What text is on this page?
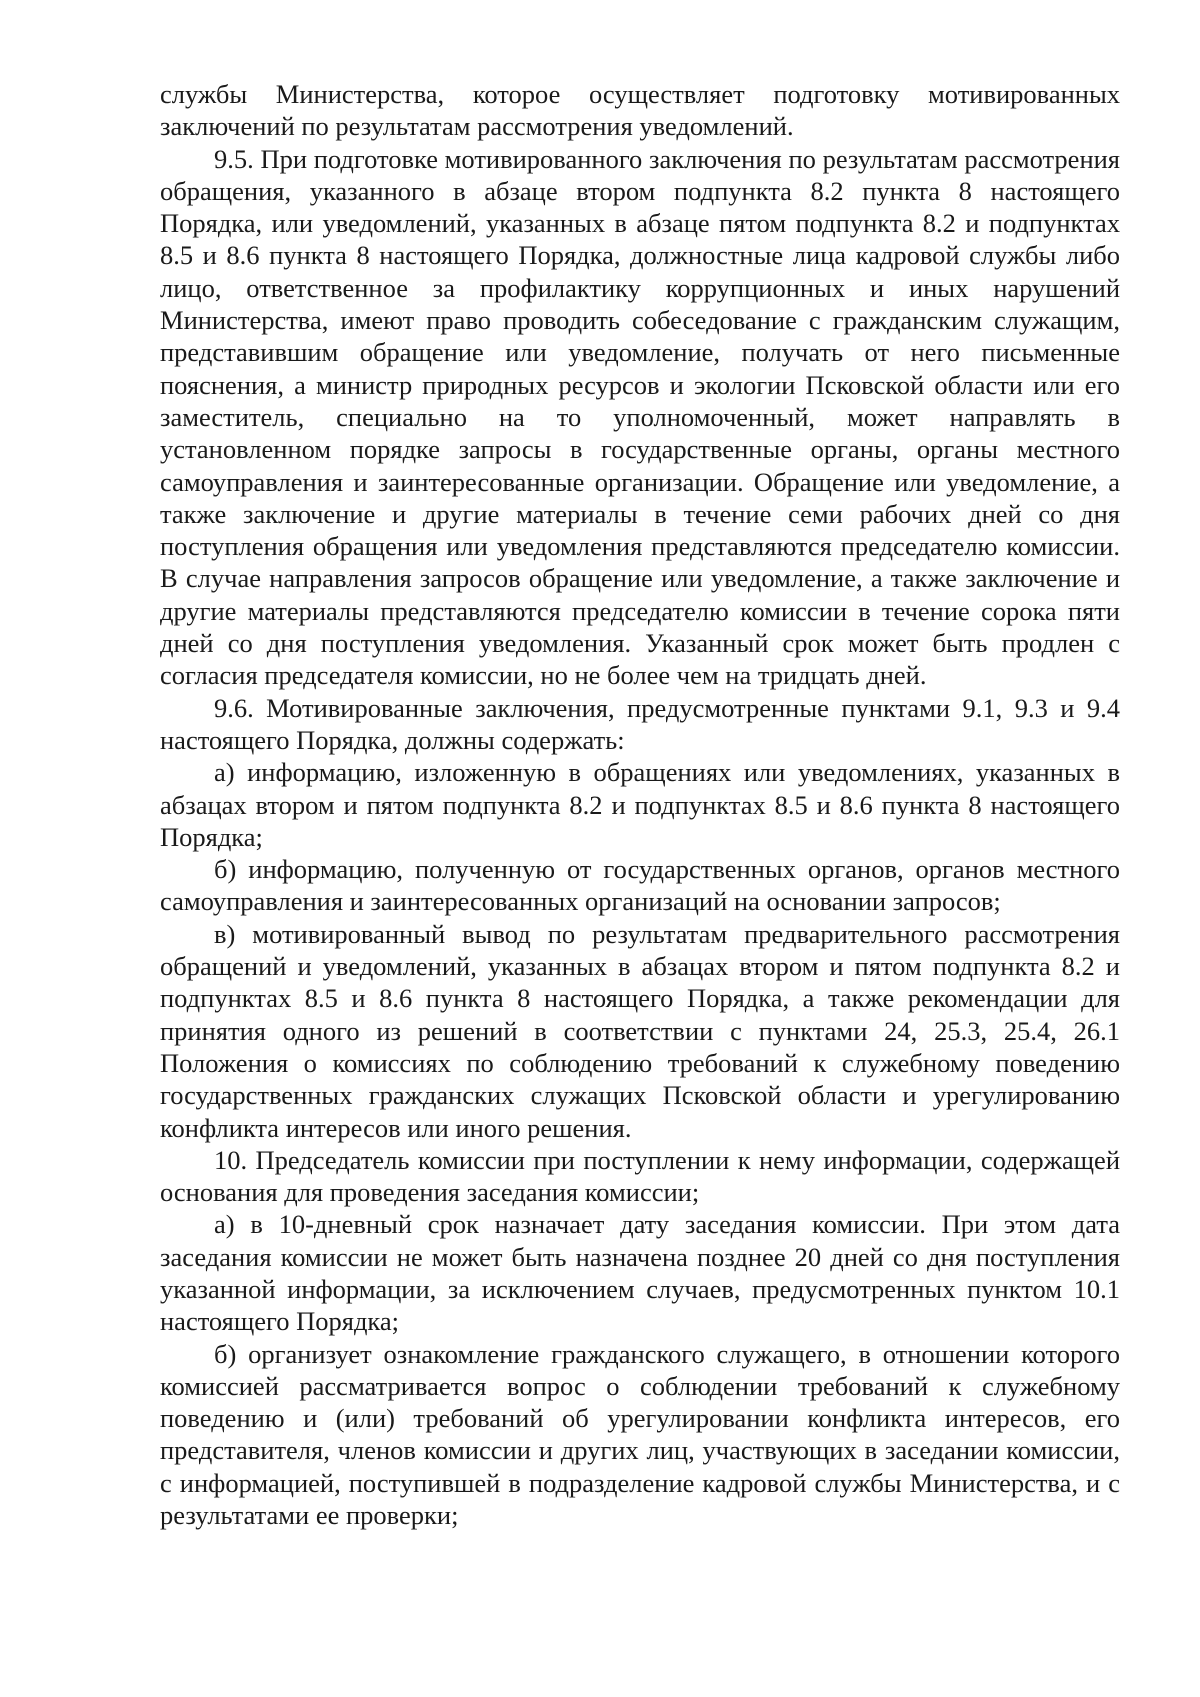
службы Министерства, которое осуществляет подготовку мотивированных заключений по результатам рассмотрения уведомлений.

9.5. При подготовке мотивированного заключения по результатам рассмотрения обращения, указанного в абзаце втором подпункта 8.2 пункта 8 настоящего Порядка, или уведомлений, указанных в абзаце пятом подпункта 8.2 и подпунктах 8.5 и 8.6 пункта 8 настоящего Порядка, должностные лица кадровой службы либо лицо, ответственное за профилактику коррупционных и иных нарушений Министерства, имеют право проводить собеседование с гражданским служащим, представившим обращение или уведомление, получать от него письменные пояснения, а министр природных ресурсов и экологии Псковской области или его заместитель, специально на то уполномоченный, может направлять в установленном порядке запросы в государственные органы, органы местного самоуправления и заинтересованные организации. Обращение или уведомление, а также заключение и другие материалы в течение семи рабочих дней со дня поступления обращения или уведомления представляются председателю комиссии. В случае направления запросов обращение или уведомление, а также заключение и другие материалы представляются председателю комиссии в течение сорока пяти дней со дня поступления уведомления. Указанный срок может быть продлен с согласия председателя комиссии, но не более чем на тридцать дней.

9.6. Мотивированные заключения, предусмотренные пунктами 9.1, 9.3 и 9.4 настоящего Порядка, должны содержать:

а) информацию, изложенную в обращениях или уведомлениях, указанных в абзацах втором и пятом подпункта 8.2 и подпунктах 8.5 и 8.6 пункта 8 настоящего Порядка;

б) информацию, полученную от государственных органов, органов местного самоуправления и заинтересованных организаций на основании запросов;

в) мотивированный вывод по результатам предварительного рассмотрения обращений и уведомлений, указанных в абзацах втором и пятом подпункта 8.2 и подпунктах 8.5 и 8.6 пункта 8 настоящего Порядка, а также рекомендации для принятия одного из решений в соответствии с пунктами 24, 25.3, 25.4, 26.1 Положения о комиссиях по соблюдению требований к служебному поведению государственных гражданских служащих Псковской области и урегулированию конфликта интересов или иного решения.

10. Председатель комиссии при поступлении к нему информации, содержащей основания для проведения заседания комиссии;

а) в 10-дневный срок назначает дату заседания комиссии. При этом дата заседания комиссии не может быть назначена позднее 20 дней со дня поступления указанной информации, за исключением случаев, предусмотренных пунктом 10.1 настоящего Порядка;

б) организует ознакомление гражданского служащего, в отношении которого комиссией рассматривается вопрос о соблюдении требований к служебному поведению и (или) требований об урегулировании конфликта интересов, его представителя, членов комиссии и других лиц, участвующих в заседании комиссии, с информацией, поступившей в подразделение кадровой службы Министерства, и с результатами ее проверки;
